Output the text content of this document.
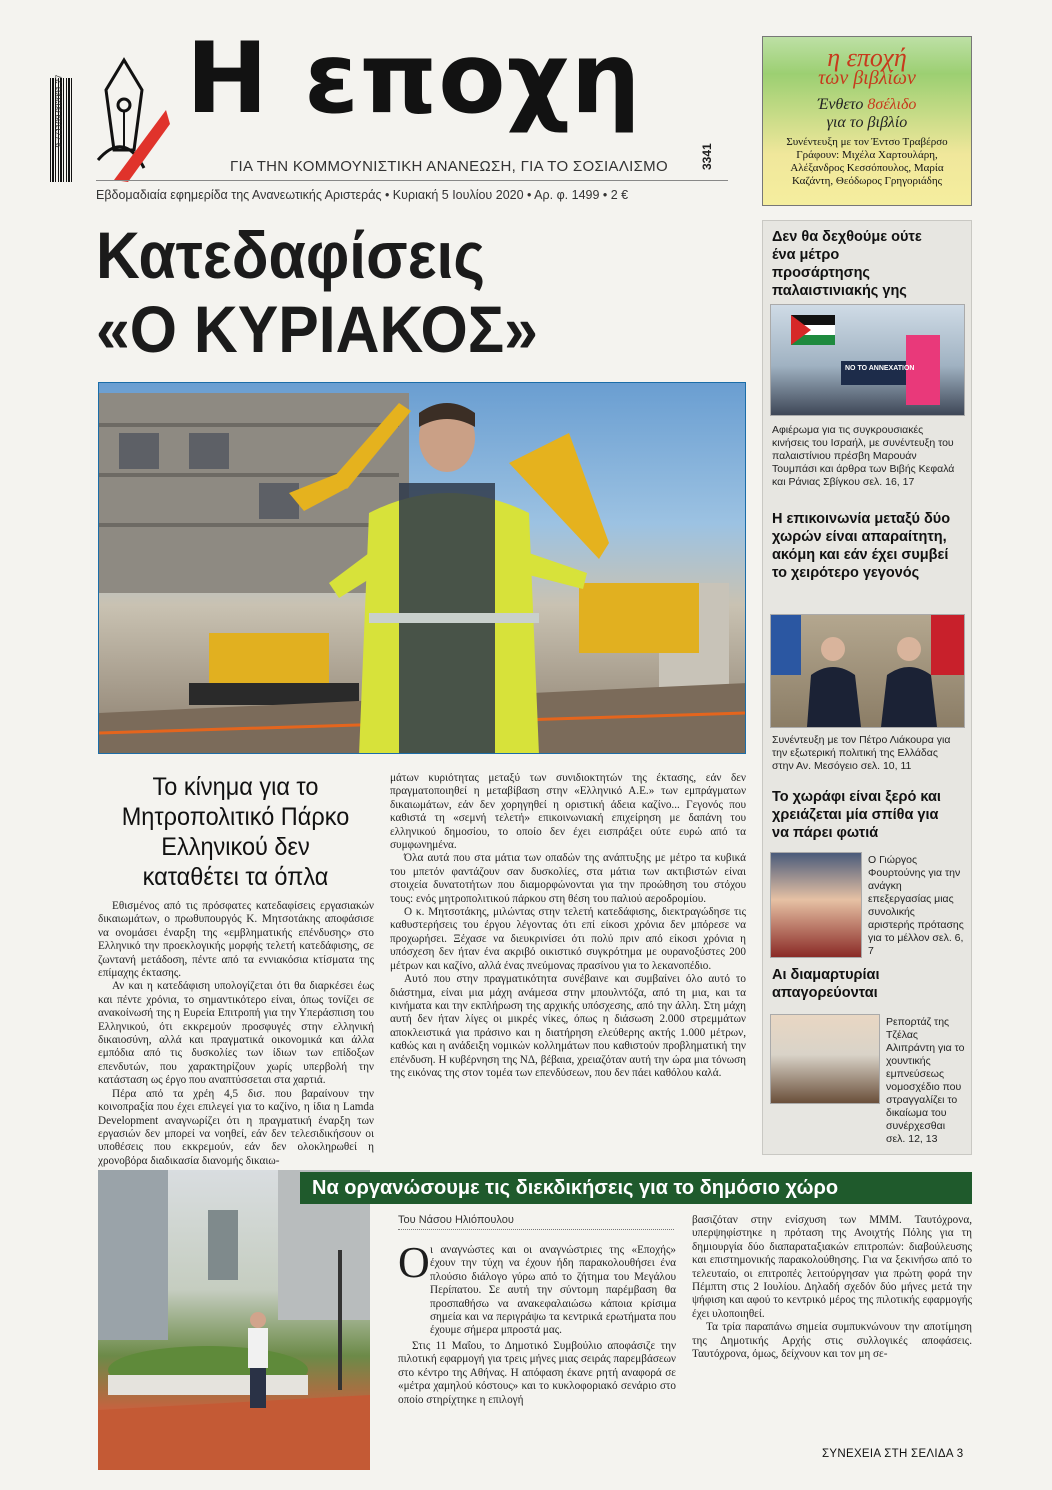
9 771109 002001 27 Η εποχη
ΓΙΑ ΤΗΝ ΚΟΜΜΟΥΝΙΣΤΙΚΗ ΑΝΑΝΕΩΣΗ, ΓΙΑ ΤΟ ΣΟΣΙΑΛΙΣΜΟ	3341
Εβδομαδιαία εφημερίδα της Ανανεωτικής Αριστεράς • Κυριακή 5 Ιουλίου 2020 • Αρ. φ. 1499 • 2 €
η εποχή
των βιβλίων
Ένθετο 8σέλιδο
για το βιβλίο
Συνέντευξη με τον Έντσο Τραβέρσο Γράφουν: Μιχέλα Χαρτουλάρη, Αλέξανδρος Κεσσόπουλος, Μαρία Καζάντη, Θεόδωρος Γρηγοριάδης
Κατεδαφίσεις
«Ο ΚΥΡΙΑΚΟΣ»
Δεν θα δεχθούμε ούτε ένα μέτρο προσάρτησης παλαιστινιακής γης
NO TO ANNEXATION
Αφιέρωμα για τις συγκρουσιακές κινήσεις του Ισραήλ, με συνέντευξη του παλαιστίνιου πρέσβη Μαρουάν Τουμπάσι και άρθρα των Βιβής Κεφαλά και Ράνιας Σβίγκου σελ. 16, 17
Η επικοινωνία μεταξύ δύο χωρών είναι απαραίτητη, ακόμη και εάν έχει συμβεί το χειρότερο γεγονός
Συνέντευξη με τον Πέτρο Λιάκουρα για την εξωτερική πολιτική της Ελλάδας στην Αν. Μεσόγειο σελ. 10, 11
Το χωράφι είναι ξερό και χρειάζεται μία σπίθα για να πάρει φωτιά
Ο Γιώργος Φουρτούνης για την ανάγκη επεξεργασίας μιας συνολικής αριστερής πρότασης για το μέλλον σελ. 6, 7
Αι διαμαρτυρίαι απαγορεύονται
Ρεπορτάζ της Τζέλας Αλιπράντη για το χουντικής εμπνεύσεως νομοσχέδιο που στραγγαλίζει το δικαίωμα του συνέρχεσθαι σελ. 12, 13
Το κίνημα για το Μητροπολιτικό Πάρκο Ελληνικού δεν καταθέτει τα όπλα

Εθισμένος από τις πρόσφατες κατεδαφίσεις εργασιακών δικαιωμάτων, ο πρωθυπουργός Κ. Μητσοτάκης αποφάσισε να ονομάσει έναρξη της «εμβληματικής επένδυσης» στο Ελληνικό την προεκλογικής μορφής τελετή κατεδάφισης, σε ζωντανή μετάδοση, πέντε από τα εννιακόσια κτίσματα της επίμαχης έκτασης.

Αν και η κατεδάφιση υπολογίζεται ότι θα διαρκέσει έως και πέντε χρόνια, το σημαντικότερο είναι, όπως τονίζει σε ανακοίνωσή της η Ευρεία Επιτροπή για την Υπεράσπιση του Ελληνικού, ότι εκκρεμούν προσφυγές στην ελληνική δικαιοσύνη, αλλά και πραγματικά οικονομικά και άλλα εμπόδια από τις δυσκολίες των ίδιων των επίδοξων επενδυτών, που χαρακτηρίζουν χωρίς υπερβολή την κατάσταση ως έργο που αναπτύσσεται στα χαρτιά.

Πέρα από τα χρέη 4,5 δισ. που βαραίνουν την κοινοπραξία που έχει επιλεγεί για το καζίνο, η ίδια η Lamda Development αναγνωρίζει ότι η πραγματική έναρξη των εργασιών δεν μπορεί να νοηθεί, εάν δεν τελεσιδικήσουν οι υποθέσεις που εκκρεμούν, εάν δεν ολοκληρωθεί η χρονοβόρα διαδικασία διανομής δικαιω-

μάτων κυριότητας μεταξύ των συνιδιοκτητών της έκτασης, εάν δεν πραγματοποιηθεί η μεταβίβαση στην «Ελληνικό Α.Ε.» των εμπράγματων δικαιωμάτων, εάν δεν χορηγηθεί η οριστική άδεια καζίνο... Γεγονός που καθιστά τη «σεμνή τελετή» επικοινωνιακή επιχείρηση με δαπάνη του ελληνικού δημοσίου, το οποίο δεν έχει εισπράξει ούτε ευρώ από τα συμφωνημένα.

Όλα αυτά που στα μάτια των οπαδών της ανάπτυξης με μέτρο τα κυβικά του μπετόν φαντάζουν σαν δυσκολίες, στα μάτια των ακτιβιστών είναι στοιχεία δυνατοτήτων που διαμορφώνονται για την προώθηση του στόχου τους: ενός μητροπολιτικού πάρκου στη θέση του παλιού αεροδρομίου.

Ο κ. Μητσοτάκης, μιλώντας στην τελετή κατεδάφισης, διεκτραγώδησε τις καθυστερήσεις του έργου λέγοντας ότι επί είκοσι χρόνια δεν μπόρεσε να προχωρήσει. Ξέχασε να διευκρινίσει ότι πολύ πριν από είκοσι χρόνια η υπόσχεση δεν ήταν ένα ακριβό οικιστικό συγκρότημα με ουρανοξύστες 200 μέτρων και καζίνο, αλλά ένας πνεύμονας πρασίνου για το λεκανοπέδιο.

Αυτό που στην πραγματικότητα συνέβαινε και συμβαίνει όλο αυτό το διάστημα, είναι μια μάχη ανάμεσα στην μπουλντόζα, από τη μια, και τα κινήματα και την εκπλήρωση της αρχικής υπόσχεσης, από την άλλη. Στη μάχη αυτή δεν ήταν λίγες οι μικρές νίκες, όπως η διάσωση 2.000 στρεμμάτων αποκλειστικά για πράσινο και η διατήρηση ελεύθερης ακτής 1.000 μέτρων, καθώς και η ανάδειξη νομικών κολλημάτων που καθιστούν προβληματική την επένδυση. Η κυβέρνηση της ΝΔ, βέβαια, χρειαζόταν αυτή την ώρα μια τόνωση της εικόνας της στον τομέα των επενδύσεων, που δεν πάει καθόλου καλά.

Να οργανώσουμε τις διεκδικήσεις για το δημόσιο χώρο
Του Νάσου Ηλιόπουλου
Ο ι αναγνώστες και οι αναγνώστριες της «Εποχής» έχουν την τύχη να έχουν ήδη παρακολουθήσει ένα πλούσιο διάλογο γύρω από το ζήτημα του Μεγάλου Περίπατου. Σε αυτή την σύντομη παρέμβαση θα προσπαθήσω να ανακεφαλαιώσω κάποια κρίσιμα σημεία και να περιγράψω τα κεντρικά ερωτήματα που έχουμε σήμερα μπροστά μας.

Στις 11 Μαΐου, το Δημοτικό Συμβούλιο αποφάσιζε την πιλοτική εφαρμογή για τρεις μήνες μιας σειράς παρεμβάσεων στο κέντρο της Αθήνας. Η απόφαση έκανε ρητή αναφορά σε «μέτρα χαμηλού κόστους» και το κυκλοφοριακό σενάριο στο οποίο στηρίχτηκε η επιλογή

βασιζόταν στην ενίσχυση των ΜΜΜ. Ταυτόχρονα, υπερψηφίστηκε η πρόταση της Ανοιχτής Πόλης για τη δημιουργία δύο διαπαραταξιακών επιτροπών: διαβούλευσης και επιστημονικής παρακολούθησης. Για να ξεκινήσω από το τελευταίο, οι επιτροπές λειτούργησαν για πρώτη φορά την Πέμπτη στις 2 Ιουλίου. Δηλαδή σχεδόν δύο μήνες μετά την ψήφιση και αφού το κεντρικό μέρος της πιλοτικής εφαρμογής έχει υλοποιηθεί.

Τα τρία παραπάνω σημεία συμπυκνώνουν την αποτίμηση της Δημοτικής Αρχής στις συλλογικές αποφάσεις. Ταυτόχρονα, όμως, δείχνουν και τον μη σε-

ΣΥΝΕΧΕΙΑ ΣΤΗ ΣΕΛΙΔΑ 3
